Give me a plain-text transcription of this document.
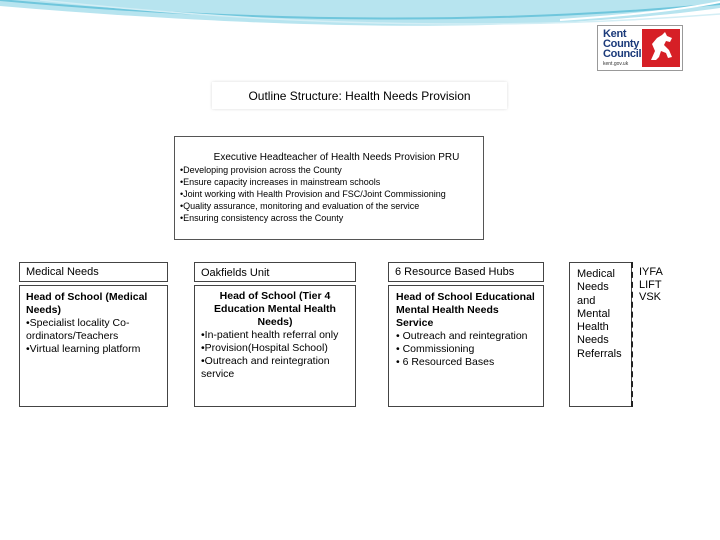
Kent
County
Council
kent.gov.uk
Outline Structure: Health Needs Provision
Executive Headteacher of Health Needs Provision PRU
•Developing provision across the County
•Ensure capacity increases in mainstream schools
•Joint working with Health Provision and FSC/Joint Commissioning
•Quality assurance, monitoring and evaluation of the service
•Ensuring consistency across the County
Medical Needs	Oakfields Unit	6 Resource Based Hubs
Head of School (Medical Needs)
•Specialist locality Co-ordinators/Teachers
•Virtual learning platform
Head of School (Tier 4 Education Mental Health Needs)
•In-patient health referral only
•Provision(Hospital School)
•Outreach and reintegration service
Head of School Educational Mental Health Needs Service
• Outreach and reintegration
• Commissioning
• 6 Resourced Bases
Medical Needs and Mental Health Needs Referrals
IYFA
LIFT
VSK
